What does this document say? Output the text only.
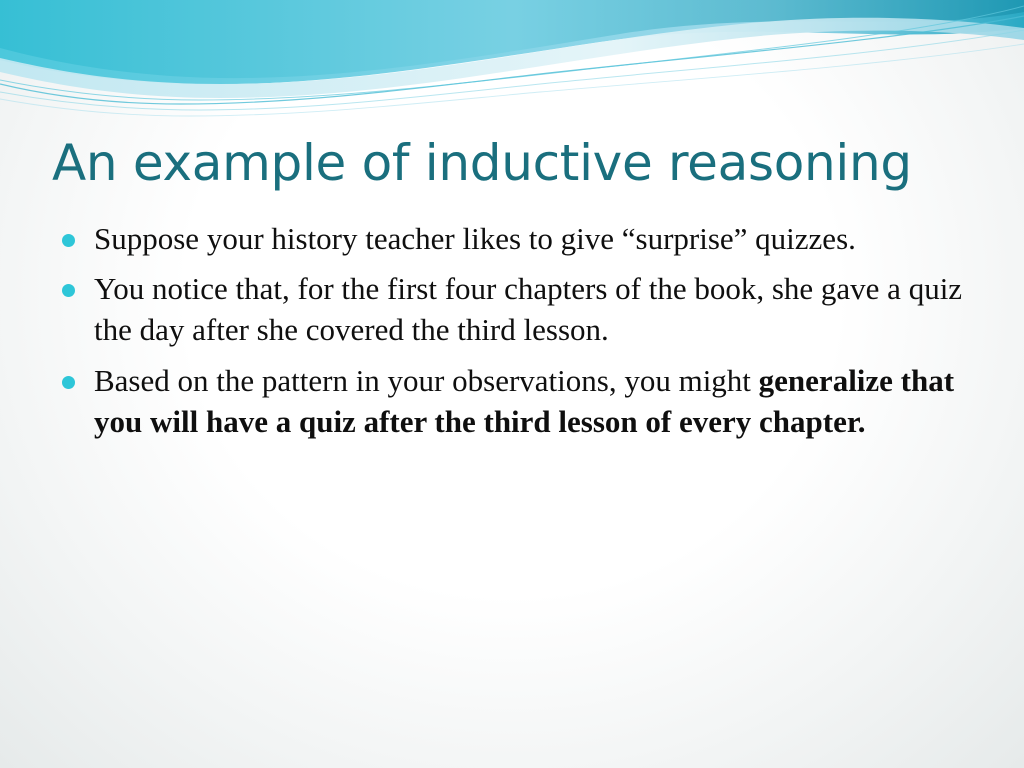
An example of inductive reasoning
Suppose your history teacher likes to give “surprise” quizzes.
You notice that, for the first four chapters of the book, she gave a quiz the day after she covered the third lesson.
Based on the pattern in your observations, you might generalize that you will have a quiz after the third lesson of every chapter.
